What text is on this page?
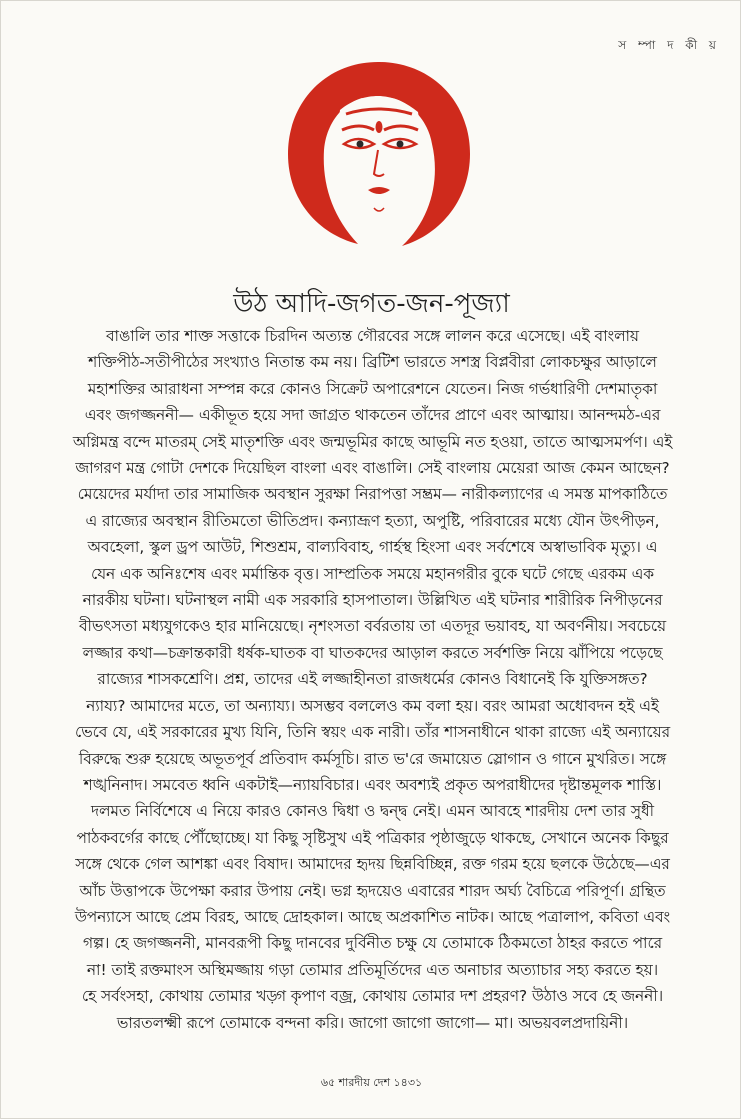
স ম্পা দ কী য়
উঠ আদি-জগত-জন-পূজ্যা
বাঙালি তার শাক্ত সত্তাকে চিরদিন অত্যন্ত গৌরবের সঙ্গে লালন করে এসেছে। এই বাংলায়
শক্তিপীঠ-সতীপীঠের সংখ্যাও নিতান্ত কম নয়। ব্রিটিশ ভারতে সশস্ত্র বিপ্লবীরা লোকচক্ষুর আড়ালে
মহাশক্তির আরাধনা সম্পন্ন করে কোনও সিক্রেট অপারেশনে যেতেন। নিজ গর্ভধারিণী দেশমাতৃকা
এবং জগজ্জননী— একীভূত হয়ে সদা জাগ্রত থাকতেন তাঁদের প্রাণে এবং আত্মায়। আনন্দমঠ-এর
অগ্নিমন্ত্র বন্দে মাতরম্‌ সেই মাতৃশক্তি এবং জন্মভূমির কাছে আভূমি নত হওয়া, তাতে আত্মসমর্পণ। এই
জাগরণ মন্ত্র গোটা দেশকে দিয়েছিল বাংলা এবং বাঙালি। সেই বাংলায় মেয়েরা আজ কেমন আছেন?
মেয়েদের মর্যাদা তার সামাজিক অবস্থান সুরক্ষা নিরাপত্তা সম্ভ্রম— নারীকল্যাণের এ সমস্ত মাপকাঠিতে
এ রাজ্যের অবস্থান রীতিমতো ভীতিপ্রদ। কন্যাভ্রূণ হত্যা, অপুষ্টি, পরিবারের মধ্যে যৌন উৎপীড়ন,
অবহেলা, স্কুল ড্রপ আউট, শিশুশ্রম, বাল্যবিবাহ, গার্হস্থ হিংসা এবং সর্বশেষে অস্বাভাবিক মৃত্যু। এ
যেন এক অনিঃশেষ এবং মর্মান্তিক বৃত্ত। সাম্প্রতিক সময়ে মহানগরীর বুকে ঘটে গেছে এরকম এক
নারকীয় ঘটনা। ঘটনাস্থল নামী এক সরকারি হাসপাতাল। উল্লিখিত এই ঘটনার শারীরিক নিপীড়নের
বীভৎসতা মধ্যযুগকেও হার মানিয়েছে। নৃশংসতা বর্বরতায় তা এতদূর ভয়াবহ, যা অবর্ণনীয়। সবচেয়ে
লজ্জার কথা—চক্রান্তকারী ধর্ষক-ঘাতক বা ঘাতকদের আড়াল করতে সর্বশক্তি নিয়ে ঝাঁপিয়ে পড়েছে
রাজ্যের শাসকশ্রেণি। প্রশ্ন, তাদের এই লজ্জাহীনতা রাজধর্মের কোনও বিধানেই কি যুক্তিসঙ্গত?
ন্যায্য? আমাদের মতে, তা অন্যায্য। অসম্ভব বললেও কম বলা হয়। বরং আমরা অধোবদন হই এই
ভেবে যে, এই সরকারের মুখ্য যিনি, তিনি স্বয়ং এক নারী। তাঁর শাসনাধীনে থাকা রাজ্যে এই অন্যায়ের
বিরুদ্ধে শুরু হয়েছে অভূতপূর্ব প্রতিবাদ কর্মসূচি। রাত ভ'রে জমায়েত স্লোগান ও গানে মুখরিত। সঙ্গে
শঙ্খনিনাদ। সমবেত ধ্বনি একটাই—ন্যায়বিচার। এবং অবশ্যই প্রকৃত অপরাধীদের দৃষ্টান্তমূলক শাস্তি।
দলমত নির্বিশেষে এ নিয়ে কারও কোনও দ্বিধা ও দ্বন্দ্ব নেই। এমন আবহে শারদীয় দেশ তার সুধী
পাঠকবর্গের কাছে পৌঁছোচ্ছে। যা কিছু সৃষ্টিসুখ এই পত্রিকার পৃষ্ঠাজুড়ে থাকছে, সেখানে অনেক কিছুর
সঙ্গে থেকে গেল আশঙ্কা এবং বিষাদ। আমাদের হৃদয় ছিন্নবিচ্ছিন্ন, রক্ত গরম হয়ে ছলকে উঠেছে—এর
আঁচ উত্তাপকে উপেক্ষা করার উপায় নেই। ভগ্ন হৃদয়েও এবারের শারদ অর্ঘ্য বৈচিত্রে পরিপূর্ণ। গ্রন্থিত
উপন্যাসে আছে প্রেম বিরহ, আছে দ্রোহকাল। আছে অপ্রকাশিত নাটক। আছে পত্রালাপ, কবিতা এবং
গল্প। হে জগজ্জননী, মানবরূপী কিছু দানবের দুর্বিনীত চক্ষু যে তোমাকে ঠিকমতো ঠাহর করতে পারে
না! তাই রক্তমাংস অস্থিমজ্জায় গড়া তোমার প্রতিমূর্তিদের এত অনাচার অত্যাচার সহ্য করতে হয়।
হে সর্বংসহা, কোথায় তোমার খড়্গ কৃপাণ বজ্র, কোথায় তোমার দশ প্রহরণ? উঠাও সবে হে জননী।
ভারতলক্ষ্মী রূপে তোমাকে বন্দনা করি। জাগো জাগো জাগো— মা। অভয়বলপ্রদায়িনী।
৬৫ শারদীয় দেশ ১৪৩১
